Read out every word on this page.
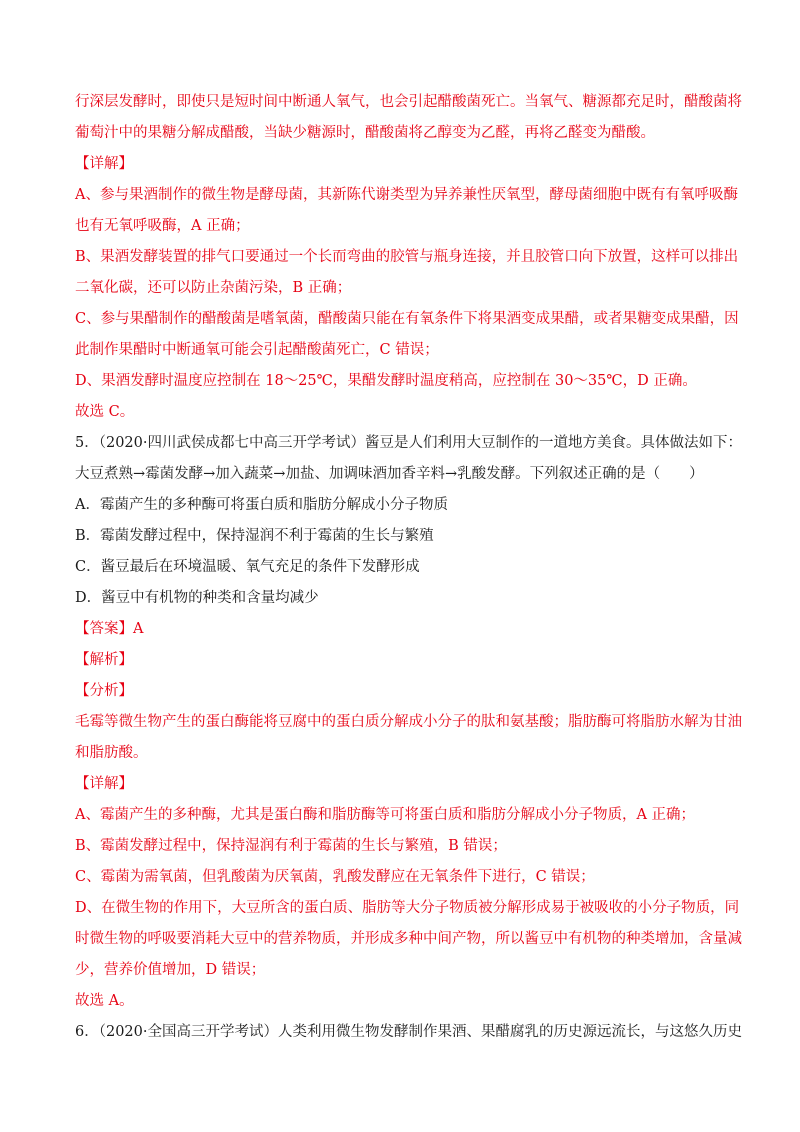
行深层发酵时，即使只是短时间中断通人氧气，也会引起醋酸菌死亡。当氧气、糖源都充足时，醋酸菌将
葡萄汁中的果糖分解成醋酸，当缺少糖源时，醋酸菌将乙醇变为乙醛，再将乙醛变为醋酸。
【详解】
A、参与果酒制作的微生物是酵母菌，其新陈代谢类型为异养兼性厌氧型，酵母菌细胞中既有有氧呼吸酶
也有无氧呼吸酶，A 正确；
B、果酒发酵装置的排气口要通过一个长而弯曲的胶管与瓶身连接，并且胶管口向下放置，这样可以排出
二氧化碳，还可以防止杂菌污染，B 正确；
C、参与果醋制作的醋酸菌是嗜氧菌，醋酸菌只能在有氧条件下将果酒变成果醋，或者果糖变成果醋，因
此制作果醋时中断通氧可能会引起醋酸菌死亡，C 错误；
D、果酒发酵时温度应控制在 18～25℃，果醋发酵时温度稍高，应控制在 30～35℃，D 正确。
故选 C。
5．（2020·四川武侯成都七中高三开学考试）酱豆是人们利用大豆制作的一道地方美食。具体做法如下：
大豆煮熟→霉菌发酵→加入蔬菜→加盐、加调味酒加香辛料→乳酸发酵。下列叙述正确的是（　　）
A．霉菌产生的多种酶可将蛋白质和脂肪分解成小分子物质
B．霉菌发酵过程中，保持湿润不利于霉菌的生长与繁殖
C．酱豆最后在环境温暖、氧气充足的条件下发酵形成
D．酱豆中有机物的种类和含量均减少
【答案】A
【解析】
【分析】
毛霉等微生物产生的蛋白酶能将豆腐中的蛋白质分解成小分子的肽和氨基酸；脂肪酶可将脂肪水解为甘油
和脂肪酸。
【详解】
A、霉菌产生的多种酶，尤其是蛋白酶和脂肪酶等可将蛋白质和脂肪分解成小分子物质，A 正确；
B、霉菌发酵过程中，保持湿润有利于霉菌的生长与繁殖，B 错误；
C、霉菌为需氧菌，但乳酸菌为厌氧菌，乳酸发酵应在无氧条件下进行，C 错误；
D、在微生物的作用下，大豆所含的蛋白质、脂肪等大分子物质被分解形成易于被吸收的小分子物质，同
时微生物的呼吸要消耗大豆中的营养物质，并形成多种中间产物，所以酱豆中有机物的种类增加，含量减
少，营养价值增加，D 错误；
故选 A。
6．（2020·全国高三开学考试）人类利用微生物发酵制作果酒、果醋腐乳的历史源远流长，与这悠久历史
